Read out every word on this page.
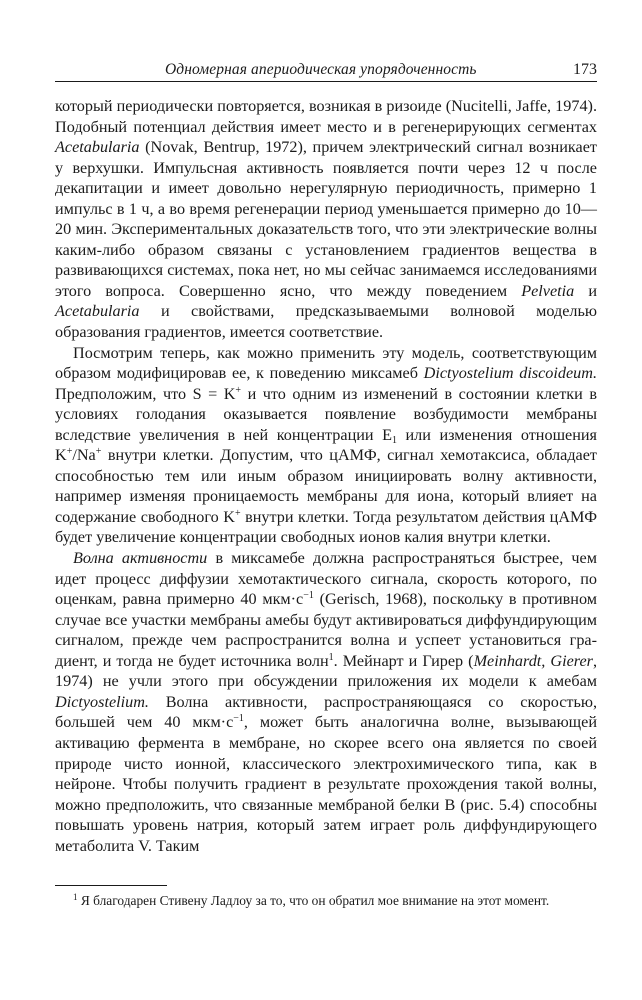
Одномерная апериодическая упорядоченность	173

который периодически повторяется, возникая в ризоиде (Nucitelli, Jaffe, 1974). Подобный потенциал действия имеет место и в регенерирующих сегментах Acetabularia (Novak, Bentrup, 1972), причем электрический сигнал возникает у верхушки. Импульсная активность появляется почти через 12 ч после декапитации и имеет довольно нерегулярную периодичность, примерно 1 импульс в 1 ч, а во время регенерации период уменьшается примерно до 10—20 мин. Экспериментальных доказательств того, что эти электрические волны каким-либо образом связаны с установлением градиентов вещества в развивающихся системах, пока нет, но мы сейчас занимаемся исследованиями этого вопроса. Совершенно ясно, что между поведением Pelvetia и Acetabularia и свойствами, предсказываемыми волновой моделью образования градиентов, имеется соответствие.

Посмотрим теперь, как можно применить эту модель, соответствующим образом модифицировав ее, к поведению миксамеб Dictyostelium discoideum. Предположим, что S = K+ и что одним из изменений в состоянии клетки в условиях голодания оказывается появление возбудимости мембраны вследствие увеличения в ней концентрации $E_1$ или изменения отношения K+/Na+ внутри клетки. Допустим, что цАМФ, сигнал хемотаксиса, обладает способностью тем или иным образом инициировать волну активности, например изменяя проницаемость мембраны для иона, который влияет на содержание свободного K+ внутри клетки. Тогда результатом действия цАМФ будет увеличение концентрации свободных ионов калия внутри клетки.

Волна активности в миксамебе должна распространяться быстрее, чем идет процесс диффузии хемотактического сигнала, скорость которого, по оценкам, равна примерно 40 $мкм\cdot с^{-1}$ (Gerisch, 1968), поскольку в противном случае все участки мембраны амебы будут активироваться диффундирующим сигналом, прежде чем распространится волна и успеет установиться градиент, и тогда не будет источника волн$^1$. Мейнарт и Гирер (Meinhardt, Gierer, 1974) не учли этого при обсуждении приложения их модели к амебам Dictyostelium. Волна активности, распространяющаяся со скоростью, большей чем 40 $мкм\cdot с^{-1}$, может быть аналогична волне, вызывающей активацию фермента в мембране, но скорее всего она является по своей природе чисто ионной, классического электрохимического типа, как в нейроне. Чтобы получить градиент в результате прохождения такой волны, можно предположить, что связанные мембраной белки B (рис. 5.4) способны повышать уровень натрия, который затем играет роль диффундирующего метаболита V. Таким

$^1$ Я благодарен Стивену Ладлоу за то, что он обратил мое внимание на этот момент.
